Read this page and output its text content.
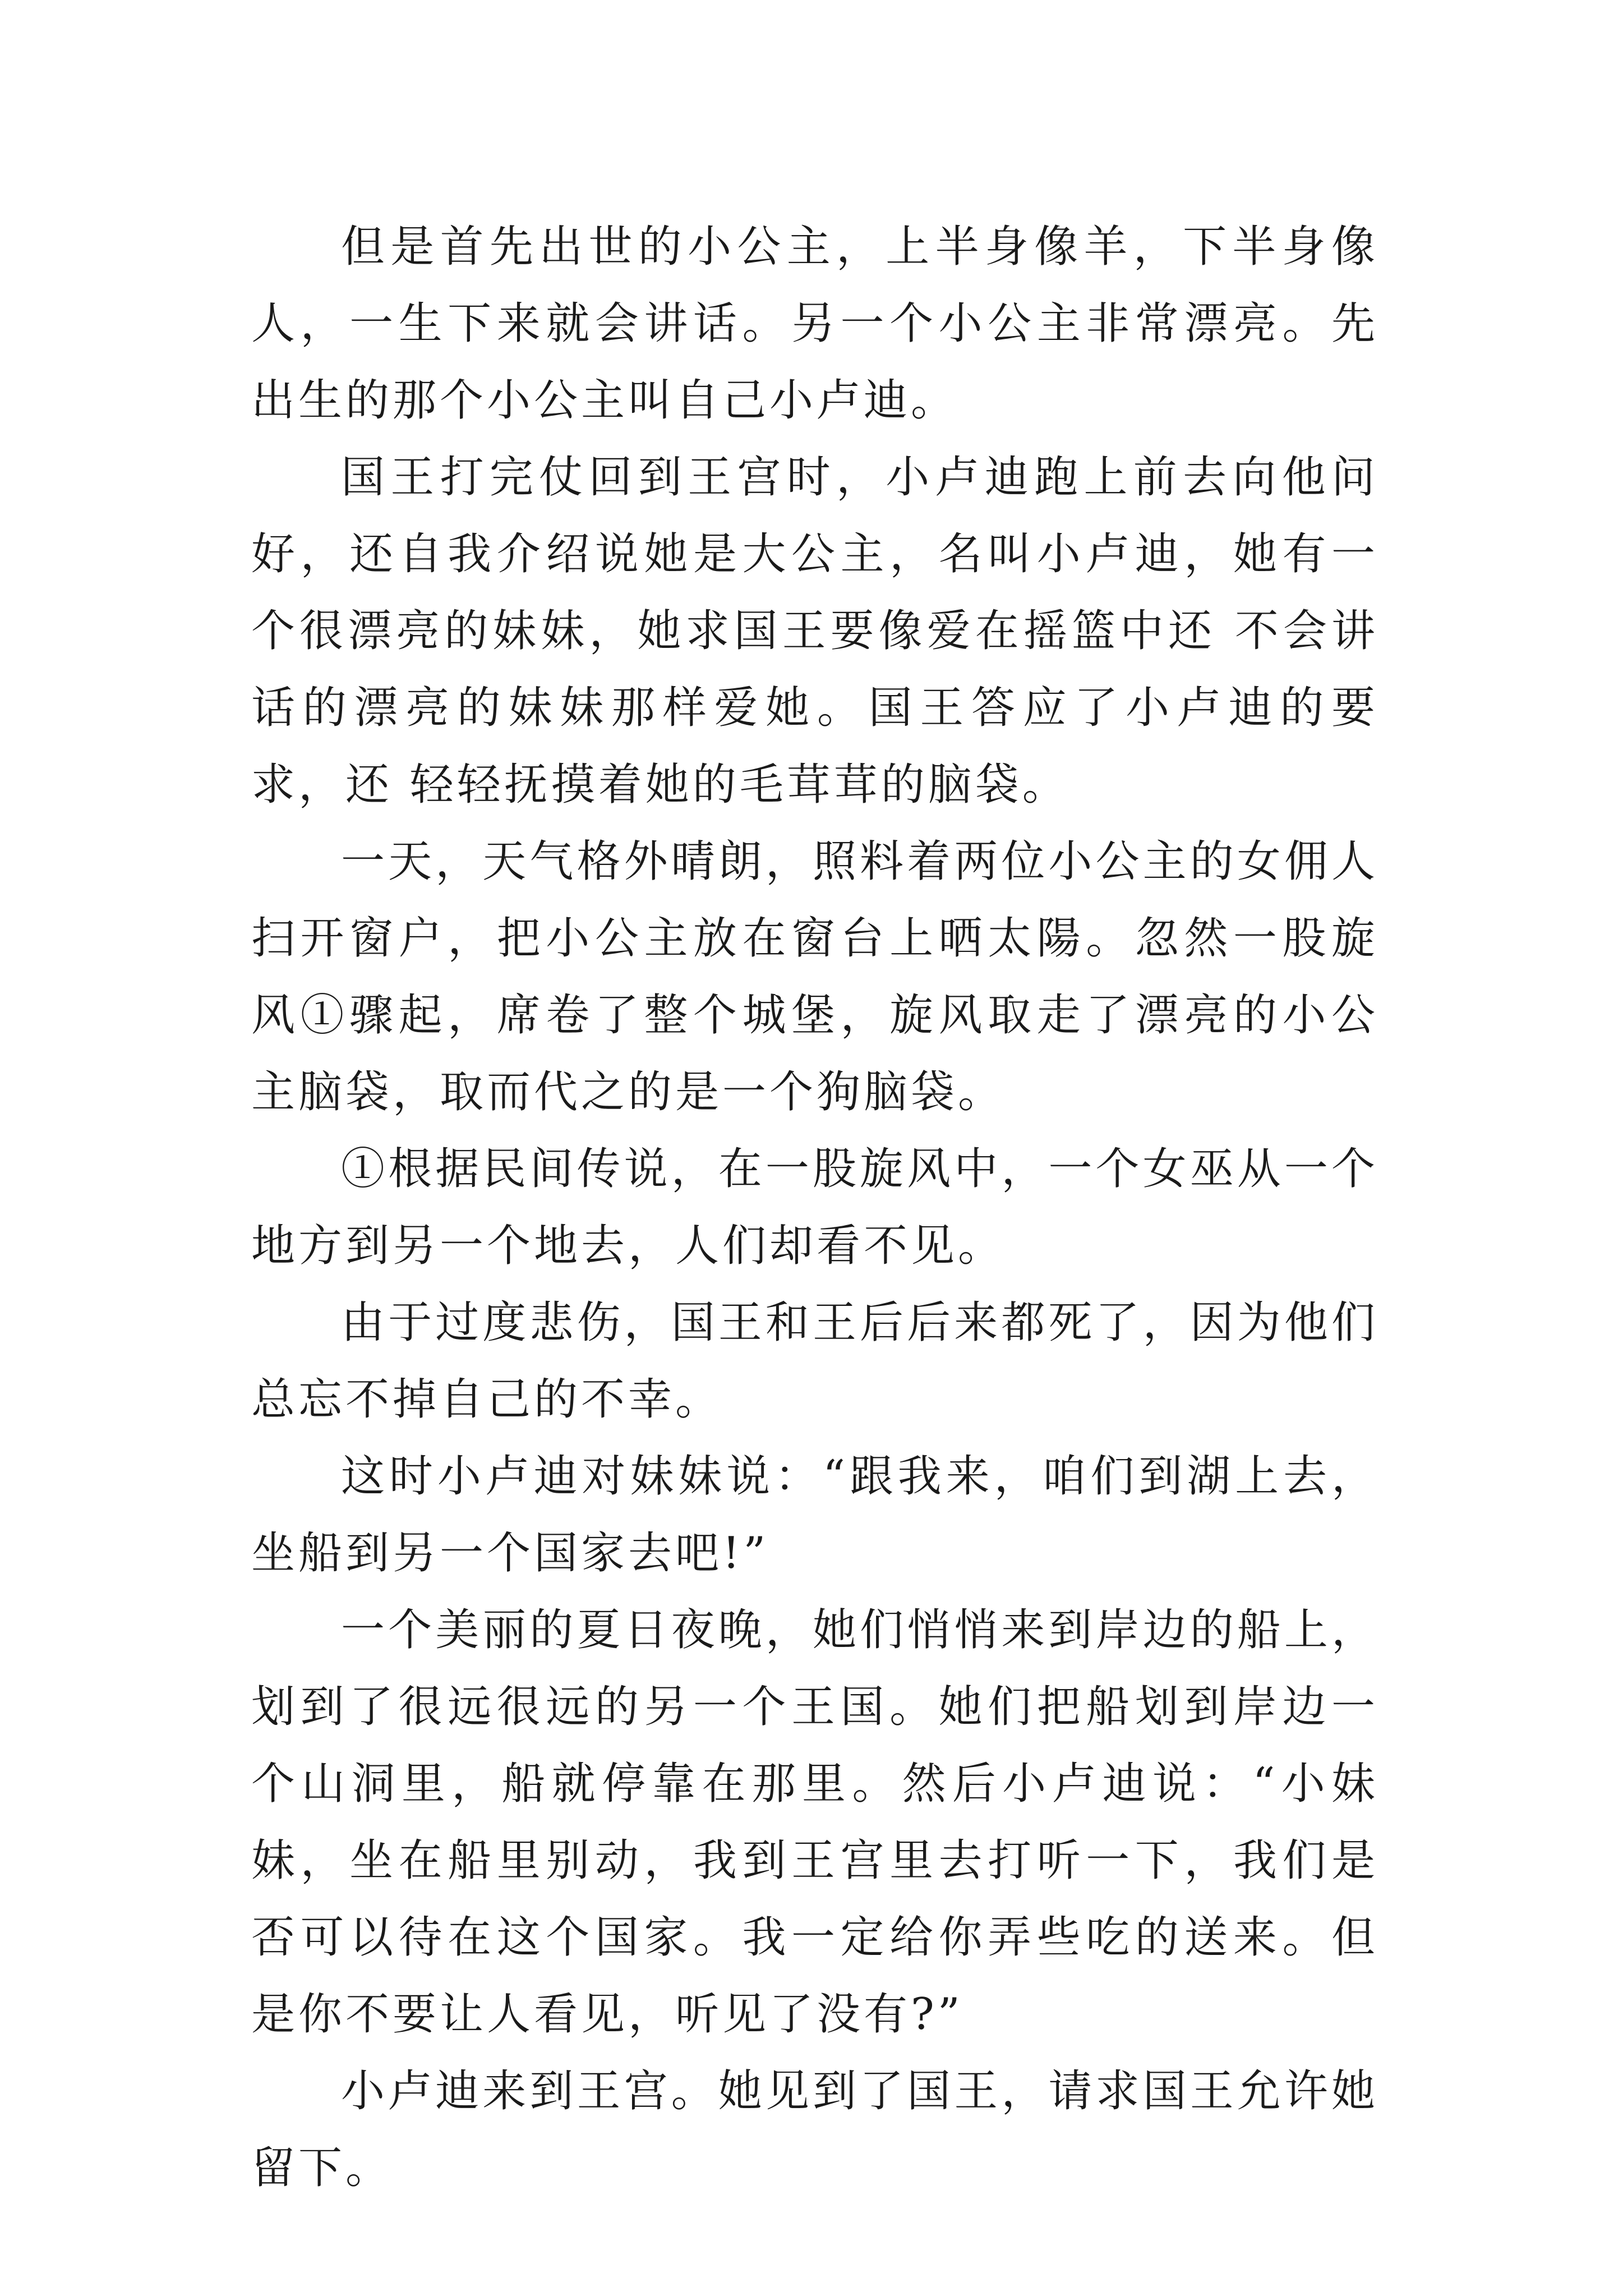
但是首先出世的小公主，上半身像羊，下半身像人，一生下来就会讲话。另一个小公主非常漂亮。先出生的那个小公主叫自己小卢迪。

国王打完仗回到王宫时，小卢迪跑上前去向他问好，还自我介绍说她是大公主，名叫小卢迪，她有一个很漂亮的妹妹，她求国王要像爱在摇篮中还 不会讲话的漂亮的妹妹那样爱她。国王答应了小卢迪的要求，还 轻轻抚摸着她的毛茸茸的脑袋。

一天，天气格外晴朗，照料着两位小公主的女佣人扫开窗户，把小公主放在窗台上晒太陽。忽然一股旋风①骤起，席卷了整个城堡，旋风取走了漂亮的小公主脑袋，取而代之的是一个狗脑袋。

①根据民间传说，在一股旋风中，一个女巫从一个地方到另一个地去，人们却看不见。

由于过度悲伤，国王和王后后来都死了，因为他们总忘不掉自己的不幸。

这时小卢迪对妹妹说：“跟我来，咱们到湖上去，坐船到另一个国家去吧!”

一个美丽的夏日夜晚，她们悄悄来到岸边的船上，划到了很远很远的另一个王国。她们把船划到岸边一个山洞里，船就停靠在那里。然后小卢迪说：“小妹妹，坐在船里别动，我到王宫里去打听一下，我们是否可以待在这个国家。我一定给你弄些吃的送来。但是你不要让人看见，听见了没有?”

小卢迪来到王宫。她见到了国王，请求国王允许她留下。
